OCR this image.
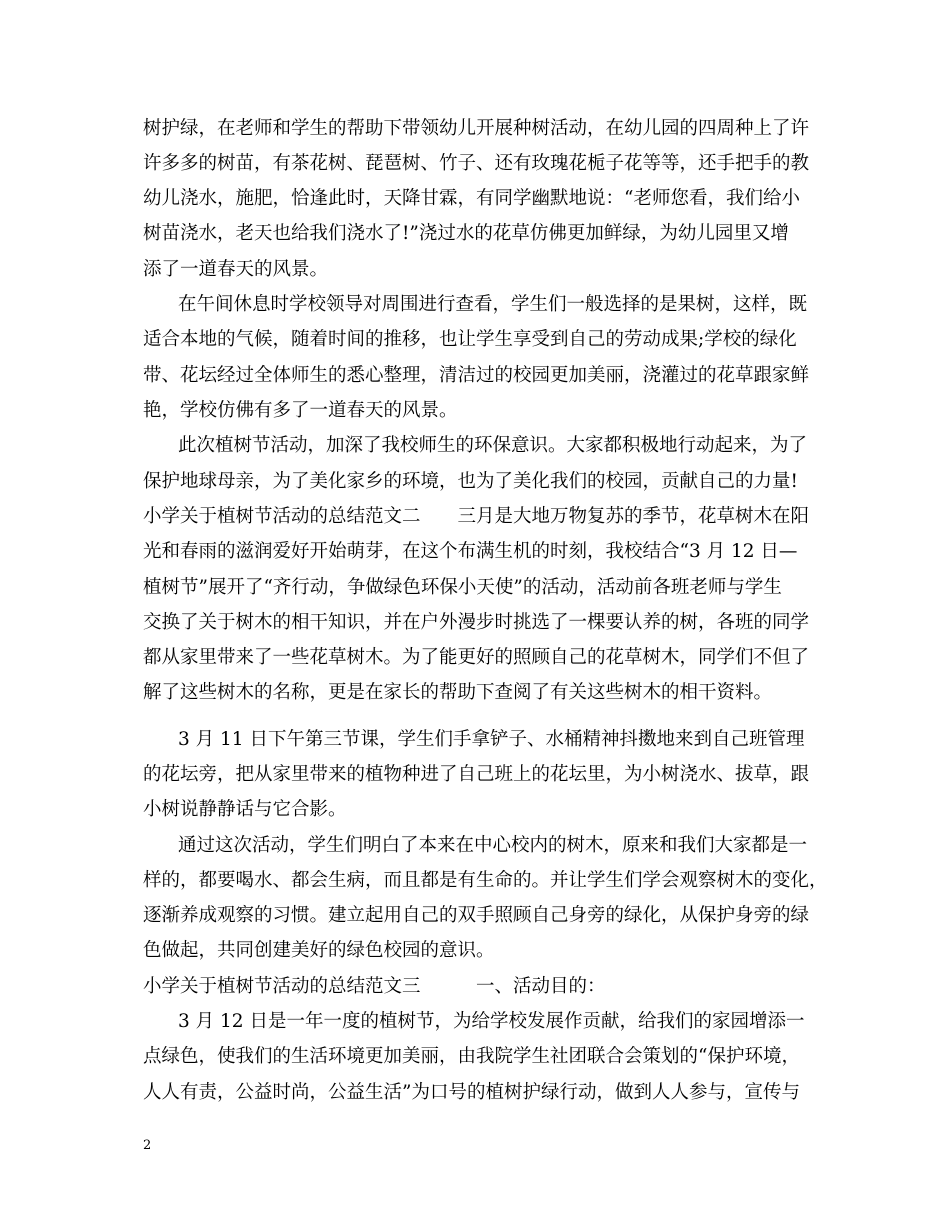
树护绿，在老师和学生的帮助下带领幼儿开展种树活动，在幼儿园的四周种上了许
许多多的树苗，有茶花树、琵琶树、竹子、还有玫瑰花栀子花等等，还手把手的教
幼儿浇水，施肥，恰逢此时，天降甘霖，有同学幽默地说：“老师您看，我们给小
树苗浇水，老天也给我们浇水了!”浇过水的花草仿佛更加鲜绿，为幼儿园里又增
添了一道春天的风景。
在午间休息时学校领导对周围进行查看，学生们一般选择的是果树，这样，既
适合本地的气候，随着时间的推移，也让学生享受到自己的劳动成果;学校的绿化
带、花坛经过全体师生的悉心整理，清洁过的校园更加美丽，浇灌过的花草跟家鲜
艳，学校仿佛有多了一道春天的风景。
此次植树节活动，加深了我校师生的环保意识。大家都积极地行动起来，为了
保护地球母亲，为了美化家乡的环境，也为了美化我们的校园，贡献自己的力量!
小学关于植树节活动的总结范文二　　三月是大地万物复苏的季节，花草树木在阳
光和春雨的滋润爱好开始萌芽，在这个布满生机的时刻，我校结合“3 月 12 日—
植树节”展开了“齐行动，争做绿色环保小天使”的活动，活动前各班老师与学生
交换了关于树木的相干知识，并在户外漫步时挑选了一棵要认养的树，各班的同学
都从家里带来了一些花草树木。为了能更好的照顾自己的花草树木，同学们不但了
解了这些树木的名称，更是在家长的帮助下查阅了有关这些树木的相干资料。
3 月 11 日下午第三节课，学生们手拿铲子、水桶精神抖擞地来到自己班管理
的花坛旁，把从家里带来的植物种进了自己班上的花坛里，为小树浇水、拔草，跟
小树说静静话与它合影。
通过这次活动，学生们明白了本来在中心校内的树木，原来和我们大家都是一
样的，都要喝水、都会生病，而且都是有生命的。并让学生们学会观察树木的变化，
逐渐养成观察的习惯。建立起用自己的双手照顾自己身旁的绿化，从保护身旁的绿
色做起，共同创建美好的绿色校园的意识。
小学关于植树节活动的总结范文三　　　一、活动目的：
3 月 12 日是一年一度的植树节，为给学校发展作贡献，给我们的家园增添一
点绿色，使我们的生活环境更加美丽，由我院学生社团联合会策划的“保护环境，
人人有责，公益时尚，公益生活”为口号的植树护绿行动，做到人人参与，宣传与
2
